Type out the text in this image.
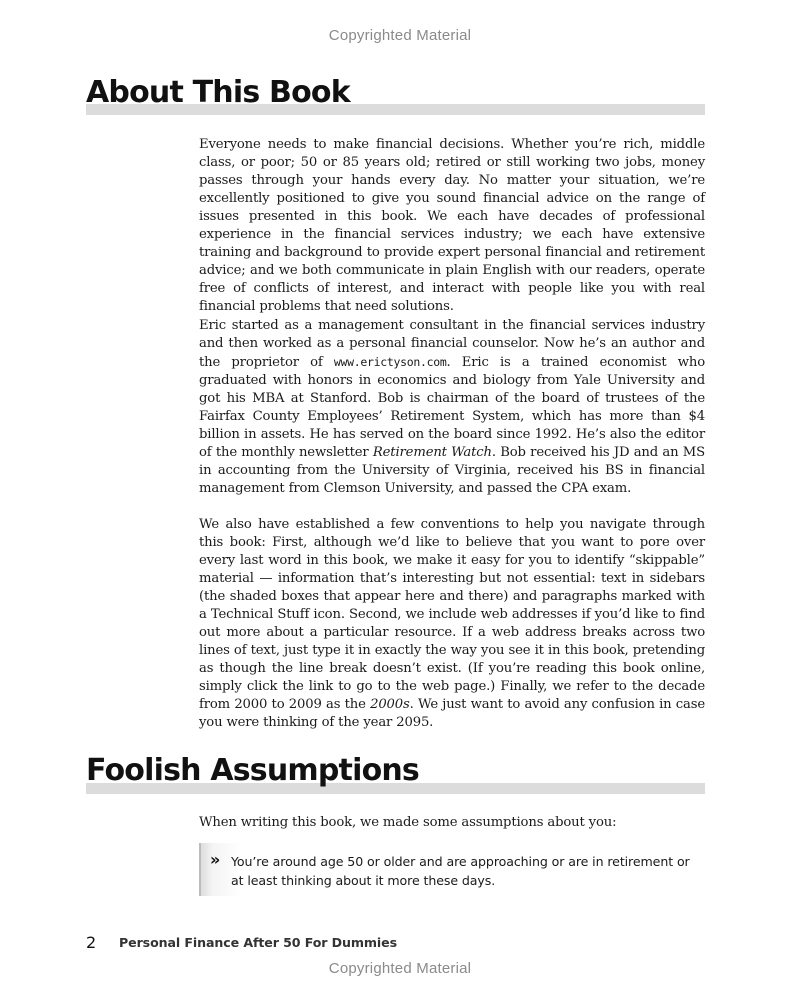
Copyrighted Material
About This Book

Everyone needs to make financial decisions. Whether you’re rich, middle class, or poor; 50 or 85 years old; retired or still working two jobs, money passes through your hands every day. No matter your situation, we’re excellently positioned to give you sound financial advice on the range of issues presented in this book. We each have decades of professional experience in the financial services industry; we each have extensive training and background to provide expert personal financial and retirement advice; and we both communicate in plain English with our readers, operate free of conflicts of interest, and interact with people like you with real financial problems that need solutions.

Eric started as a management consultant in the financial services industry and then worked as a personal financial counselor. Now he’s an author and the proprietor of www.erictyson.com. Eric is a trained economist who graduated with honors in economics and biology from Yale University and got his MBA at Stanford. Bob is chairman of the board of trustees of the Fairfax County Employees’ Retirement System, which has more than $4 billion in assets. He has served on the board since 1992. He’s also the editor of the monthly newsletter Retirement Watch. Bob received his JD and an MS in accounting from the University of Virginia, received his BS in financial management from Clemson University, and passed the CPA exam.

We also have established a few conventions to help you navigate through this book: First, although we’d like to believe that you want to pore over every last word in this book, we make it easy for you to identify “skippable” material — information that’s interesting but not essential: text in sidebars (the shaded boxes that appear here and there) and paragraphs marked with a Technical Stuff icon. Second, we include web addresses if you’d like to find out more about a particular resource. If a web address breaks across two lines of text, just type it in exactly the way you see it in this book, pretending as though the line break doesn’t exist. (If you’re reading this book online, simply click the link to go to the web page.) Finally, we refer to the decade from 2000 to 2009 as the 2000s. We just want to avoid any confusion in case you were thinking of the year 2095.

Foolish Assumptions

When writing this book, we made some assumptions about you:

» You’re around age 50 or older and are approaching or are in retirement or at least thinking about it more these days.

2 Personal Finance After 50 For Dummies
Copyrighted Material
